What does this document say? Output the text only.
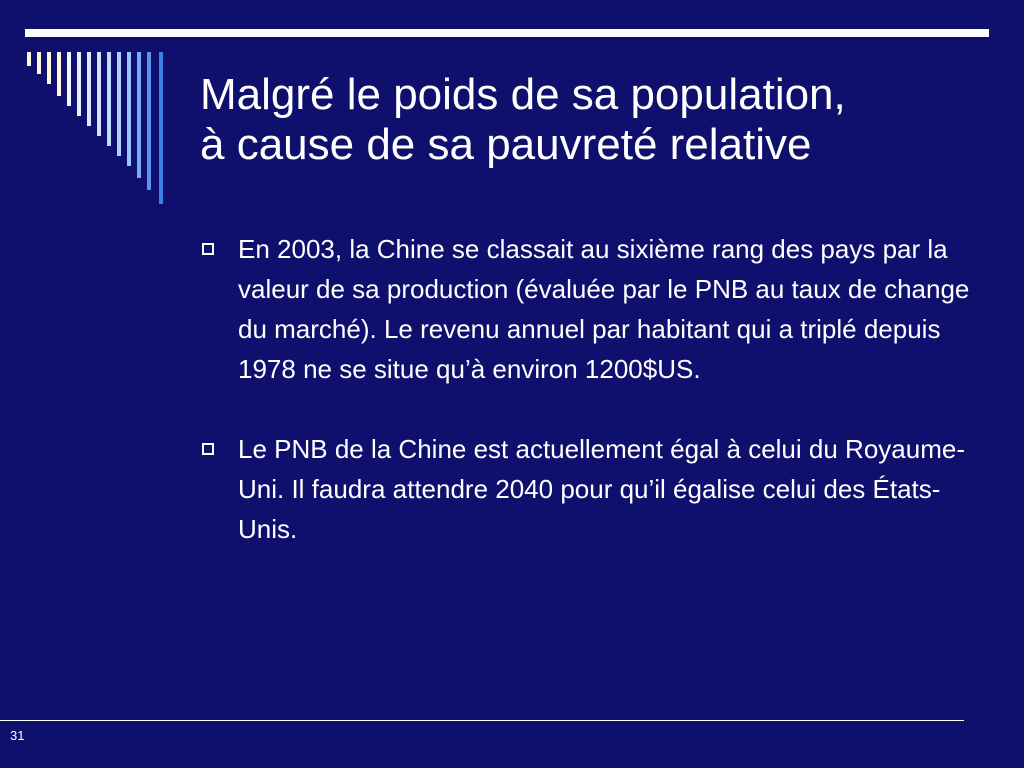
Malgré le poids de sa population,
à cause de sa pauvreté relative
En 2003, la Chine se classait au sixième rang des pays par la valeur de sa production (évaluée par le PNB au taux de change du marché). Le revenu annuel par habitant qui a triplé depuis 1978 ne se situe qu’à environ 1200$US.
Le PNB de la Chine est actuellement égal à celui du Royaume-Uni. Il faudra attendre 2040 pour qu’il égalise celui des États-Unis.
31
